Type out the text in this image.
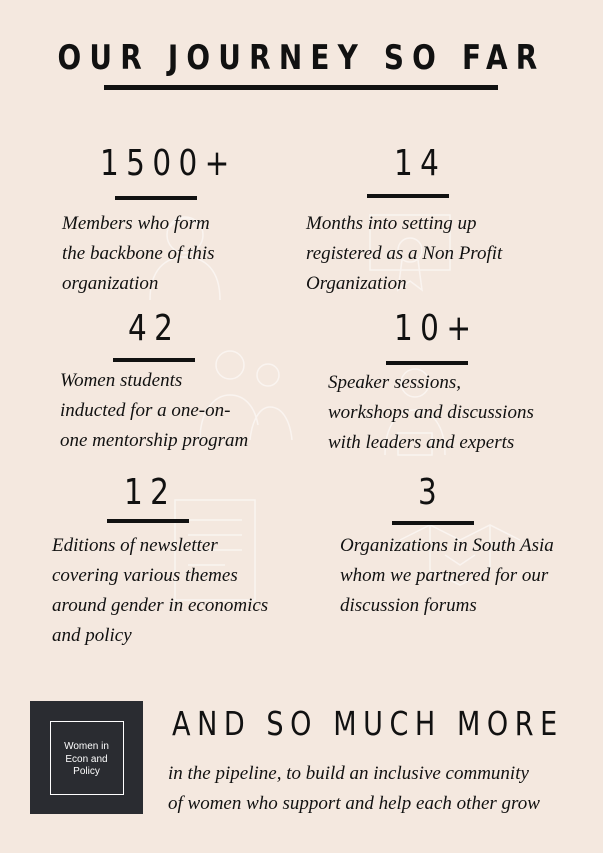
OUR JOURNEY SO FAR
1500+
Members who form
the backbone of this
organization
14
Months into setting up
registered as a Non Profit
Organization
42
Women students
inducted for a one-on-
one mentorship program
10+
Speaker sessions,
workshops and discussions
with leaders and experts
12
Editions of newsletter
covering various themes
around gender in economics
and policy
3
Organizations in South Asia
whom we partnered for our
discussion forums
Women in
Econ and
Policy
AND SO MUCH MORE
in the pipeline, to build an inclusive community
of women who support and help each other grow
